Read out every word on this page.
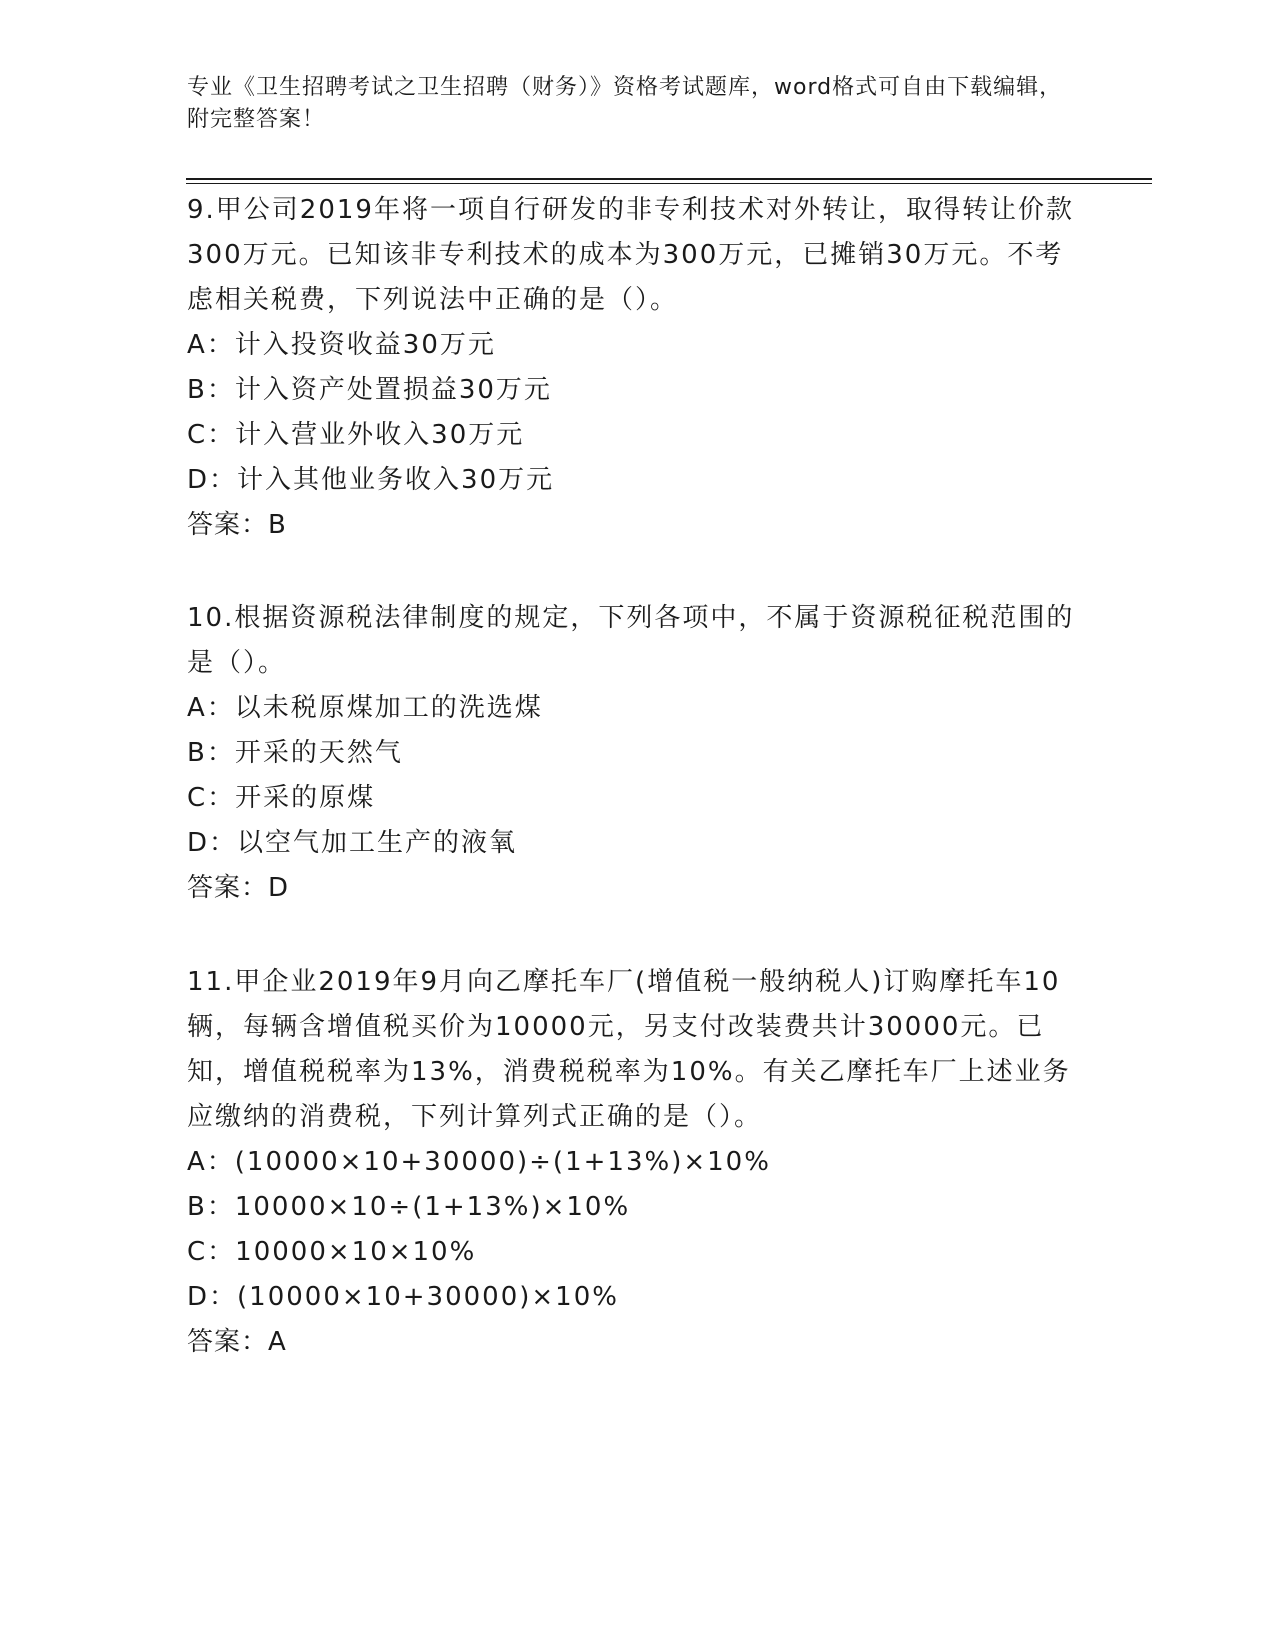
专业《卫生招聘考试之卫生招聘（财务）》资格考试题库，word格式可自由下载编辑，附完整答案！
9.甲公司2019年将一项自行研发的非专利技术对外转让，取得转让价款300万元。已知该非专利技术的成本为300万元，已摊销30万元。不考虑相关税费，下列说法中正确的是（）。
A：计入投资收益30万元
B：计入资产处置损益30万元
C：计入营业外收入30万元
D：计入其他业务收入30万元
答案：B
10.根据资源税法律制度的规定，下列各项中，不属于资源税征税范围的是（）。
A：以未税原煤加工的洗选煤
B：开采的天然气
C：开采的原煤
D：以空气加工生产的液氧
答案：D
11.甲企业2019年9月向乙摩托车厂(增值税一般纳税人)订购摩托车10辆，每辆含增值税买价为10000元，另支付改装费共计30000元。已知，增值税税率为13%，消费税税率为10%。有关乙摩托车厂上述业务应缴纳的消费税，下列计算列式正确的是（）。
A：(10000×10+30000)÷(1+13%)×10%
B：10000×10÷(1+13%)×10%
C：10000×10×10%
D：(10000×10+30000)×10%
答案：A
